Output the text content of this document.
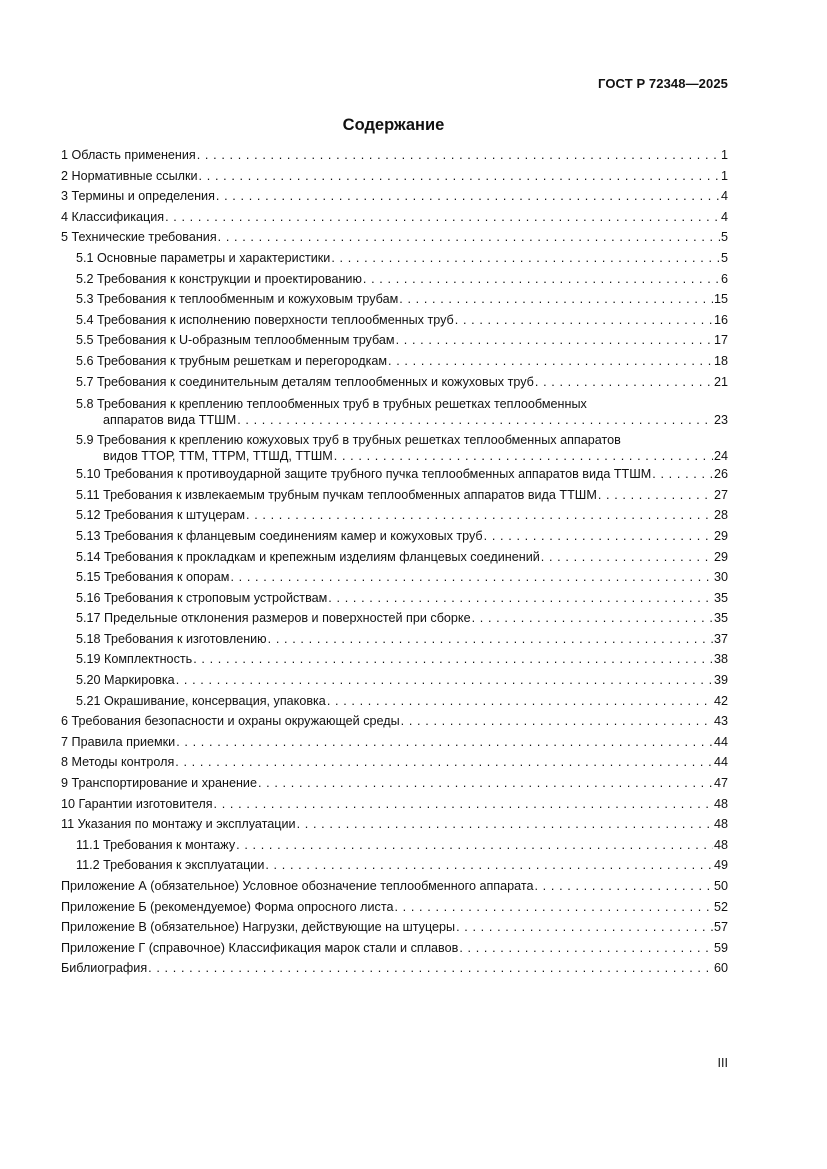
ГОСТ Р 72348—2025
Содержание
1 Область применения . . .	1
2 Нормативные ссылки . . .	1
3 Термины и определения . . .	4
4 Классификация . . .	4
5 Технические требования . . .	5
5.1 Основные параметры и характеристики . . .	5
5.2 Требования к конструкции и проектированию . . .	6
5.3 Требования к теплообменным и кожуховым трубам . . .	15
5.4 Требования к исполнению поверхности теплообменных труб . . .	16
5.5 Требования к U-образным теплообменным трубам . . .	17
5.6 Требования к трубным решеткам и перегородкам . . .	18
5.7 Требования к соединительным деталям теплообменных и кожуховых труб . . .	21
5.8 Требования к креплению теплообменных труб в трубных решетках теплообменных
аппаратов вида ТТШМ . . .	23
5.9 Требования к креплению кожуховых труб в трубных решетках теплообменных аппаратов
видов ТТОР, ТТМ, ТТРМ, ТТШД, ТТШМ . . .	24
5.10 Требования к противоударной защите трубного пучка теплообменных аппаратов вида ТТШМ . . .	26
5.11 Требования к извлекаемым трубным пучкам теплообменных аппаратов вида ТТШМ . . .	27
5.12 Требования к штуцерам . . .	28
5.13 Требования к фланцевым соединениям камер и кожуховых труб . . .	29
5.14 Требования к прокладкам и крепежным изделиям фланцевых соединений . . .	29
5.15 Требования к опорам . . .	30
5.16 Требования к строповым устройствам . . .	35
5.17 Предельные отклонения размеров и поверхностей при сборке . . .	35
5.18 Требования к изготовлению . . .	37
5.19 Комплектность . . .	38
5.20 Маркировка . . .	39
5.21 Окрашивание, консервация, упаковка . . .	42
6 Требования безопасности и охраны окружающей среды . . .	43
7 Правила приемки . . .	44
8 Методы контроля . . .	44
9 Транспортирование и хранение . . .	47
10 Гарантии изготовителя . . .	48
11 Указания по монтажу и эксплуатации . . .	48
11.1 Требования к монтажу . . .	48
11.2 Требования к эксплуатации . . .	49
Приложение А (обязательное) Условное обозначение теплообменного аппарата . . .	50
Приложение Б (рекомендуемое) Форма опросного листа . . .	52
Приложение В (обязательное) Нагрузки, действующие на штуцеры . . .	57
Приложение Г (справочное) Классификация марок стали и сплавов . . .	59
Библиография . . .	60
III
